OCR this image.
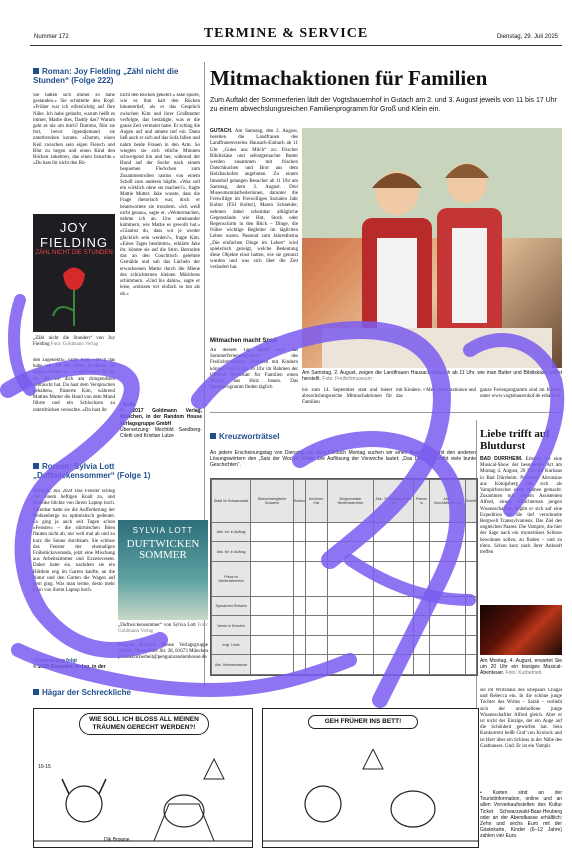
Nummer 172	TERMINE & SERVICE	Dienstag, 29. Juli 2025
Roman: Joy Fielding „Zähl nicht die Stunden“ (Folge 222)
Sie hatten sich immer so nahe gestanden.« Sie schüttelte den Kopf. »Früher war ich eifersüchtig auf Ihre Nähe. Ich habe gedacht, warum heißt es immer, Mattie dies, Daddy das? Warum geht es nie um mich? Dummo, führ sie fort, bevor irgendjemand sie unterbrechen konnte. »Dumm, einen Keil zwischen sein eigen Fleisch und Blut zu begen und einen Kind den Rücken zukehren, das einen brauchte.« «Du hast ihr nicht den Rü-
nicht den Rücken gekehrt.« Jake spürte, wie es ihm kalt den Rücken hinunterlief, als er das Gespräch zwischen Kim und ihrer Großmutter verfolgte, das bestätigte, was er die ganze Zeit vermutet hatte. Er schlug die Augen auf und atmete tief ein. Dann ließ auch er sich auf das Sofa fallen und nahm beide Frauen in den Arm. So wiegten sie sich etliche Minuten schweigend hin und her, während der Hund auf der Suche nach einem bequemen Fleckchen zum Zusammenrollen rastlos von einem Schoß zum anderen hüpfte. »Was soll ein wirklich ohne sie machen?«, fragte Mattie Mutter. Jake wusste, dass die Frage rhetorisch war, doch er beantwortete sie trotzdem. »Ich weiß nicht genau«, sagte er. »Weitermachen, nehme ich an. Uns umeinander kümmern, wie Mattie es gewollt hat.« »Glaubst du, dass wir je wieder glücklich sein werden?«, fragte Kim. »Eines Tages bestimmt«, erklärte Jake ihr, könnte sie auf die Stirn. Betrachte das an den Couchtisch gelehnte Gemälde und sah das Lächeln der erwachsenen Mattie durch die Miene des schüchternen kleinen Mädchens schimmern. »Und bis dahin«, sagte er leise, »müssen wir einfach so tun als ob.«
JOY FIELDING
ZÄHL NICHT DIE STUNDEN
„Zähl nicht die Stunden“ von Joy Fielding Foto: Goldmann Verlag
den zugekehrt«, sagte Kim. »Doch das habe ich. All die Jahre, in denen sie aufgewachsen ist – « »Du warst für sie da, als sie dich am dringendsten gebraucht hat. Du hast dem Verspruchen gehalten«, flüsterte Kim, während Matties Mutter die Hand von dem Mund führte und ein Schluchzen zu unterdrücken versuchte. »Du hast ihr
• Ende
© 2017 Goldmann Verlag, München, in der Random House Verlagsgruppe GmbH
Übersetzung: Mechtild Sandberg-Ciletti und Kristian Lutze
Roman: Sylvia Lott „Duftwickensommer“ (Folge 1)
Borkum, Juli 2024 Das Fenster schlug mit einem heftigen Knall zu, und Mareike blickte von ihrem Laptop hoch. Offenbar hatte sie die Aufforderung der Wolkenberge zu optimistisch gedeutet. Es ging ja auch seit Tagen schon »Fenster« – die stürmischen Böen flauten nicht ab, nur weil mal ab und zu kurz die Sonne durchkam. Sie schloss das Fenster der ehemaligen Frühstücksveranda, jetzt eine Mischung aus Arbeitszimmer und Exzessvesent. Daher hatte sie, nachdem sie ein Hüttlein eng im Garten kaufte, an die Natur und den Garten die Wagen auf dem ging. Was man lernte, desto mehr kann von ihrem Laptop hoch.
• Fortsetzung folgt
© 2025 Blanvalet Verlag, in der
SYLVIA LOTT
DUFTWICKEN SOMMER
„Duftwickensommer“ von Sylvia Lott Foto: Goldmann Verlag
Penguin Random House Verlagsgruppe GmbH, Neumarkter Str. 28, 81673 München produktsicherheit@penguinrandomhouse.de
Mitmachaktionen für Familien
Zum Auftakt der Sommerferien lädt der Vogtsbauernhof in Gutach am 2. und 3. August jeweils von 11 bis 17 Uhr zu einem abwechslungsreichen Familienprogramm für Groß und Klein ein.
GUTACH. Am Samstag, den 2. August, bereiten die Landfrauen des Landfrauenvereins Hausach-Einbach ab 11 Uhr „Gutes aus Milch“ zu: Frischer Bibiliskäse und selbstgemachte Butter werden zusammen mit frischen Datschkuchen und Brot aus dem Holzbackofen angeboten. Zu einem Innenhof gelangen Besucher ab 11 Uhr am Samstag, dem 3. August. Drei Museumsmitarbeiterinnen, darunter die Freiwillige im Freiwilligen Sozialen Jahr Kultur (FSJ Kultur), Maren Schneider, nehmen dabei scheinbar alltägliche Gegenstände wie Hut, Stock oder Regenschirm in den Blick – Dinge, die früher wichtige Begleiter im täglichen Leben waren. Passend zum Jahresthema „Die einfachen Dinge im Leben“ wird spielerisch gezeigt, welche Bedeutung diese Objekte einst hatten, wie sie genutzt wurden und was sich über die Zeit verändert hat.
Mitmachen macht Spaß
An diesem Tag startet auch das Sommerferienprogramm des Freilichtmuseums. Familien mit Kindern können von 11 bis 16 Uhr im Rahmen der Offenen Werkstatt für Familien einen Wurzel aus Holz bauen. Das Ferienprogramm finden täglich
Am Samstag, 2. August, zeigen die Landfrauen Hausach-Einbach ab 11 Uhr, wie man Butter und Bibiliskäse selbst herstellt. Foto: Freilichtmuseum
bis zum 14. September statt und bietet abwechslungsreiche Mitmachaktionen für Familien
mit Kindern. • Mehr Informationen und das
ganze Ferienprogramm sind im Internet unter www.vogtsbauernhof.de erhältlich.
Kreuzworträtsel
An jedem Erscheinungstag von Dienstag bis einschließlich Montag suchen wir einen Begriff, der mit den anderen Lösungswörtern den „Satz der Woche“ bildet. Die Auflösung der Vorwoche lautet: „Das Leben schreibt viele bunte Geschichten“.
Stadt im Schwarzwald	Überschwinglicher Schwenn	Kanton	Kurzform: Kiel	Bürgermeister Niederösterreich	Abk.: Fernkrankenhaus für	Partner in	Abk.: Geschäftsführung	Schrift
Abk. für: in Auftrag								
Abk. für: in Auftrag								
Prima im Niederösterreich								
Spanischer Rotwein								
Verein in Dresden								
engl. Liebe								
Abk. Heimatmuseum								
Liebe trifft auf Blutdurst
BAD DÜRRHEIM. Erleben Sie eine Musical-Show der besonderen Art am Montag 4. August, 20 Uhr, im Kurhaus in Bad Dürrheim. Professor Abronsius aus Königsberg hat sich als Vampirforscher einen Namen gemacht. Zusammen mit seinem Assistenten Alfred, einem schüchternen jungen Wissenschaftler, begibt er sich auf eine Expedition in die tief verschneite Bergwelt Transsylvaniens. Das Ziel des ungleichen Paares: Die Vampire, die hier der Sage nach ein mysteriöses Schloss bewohnen sollen, zu finden – und zu töten. Schon kurz nach ihrer Ankunft treffen
Am Montag, 4. August, erwartet Sie um 20 Uhr ein bissiges Musical-Abenteuer. Foto: Kurbetrieb
sie im Wirtshaus des Ehepaars Chagal und Rebecca ein. In die schöne junge Tochter des Wirtes – Sarah – verliebt sich der unbeholfene junge Wissenschaftler Alfred gleich. Aber er ist nicht der Einzige, der ein Auge auf die Schönheit geworfen hat. Sein Konkurrent heißt Graf von Krolock und ist Herr über ein Schloss in der Nähe des Gasthauses. Und: Er ist ein Vampir.
• Karten sind an der Touristinformation, online und an allen Vorverkaufsstellen des Kultur Ticket Schwarzwald-Baar-Heuberg oder an der Abendkasse erhältlich: Zehn und sechs Euro mit der Gästekarte, Kinder (6–12 Jahre) zahlen vier Euro.
Hägar der Schreckliche
WIE SOLL ICH BLOSS ALL MEINEN TRÄUMEN GERECHT WERDEN?!
10-15
Dik Browne
GEH FRÜHER INS BETT!
